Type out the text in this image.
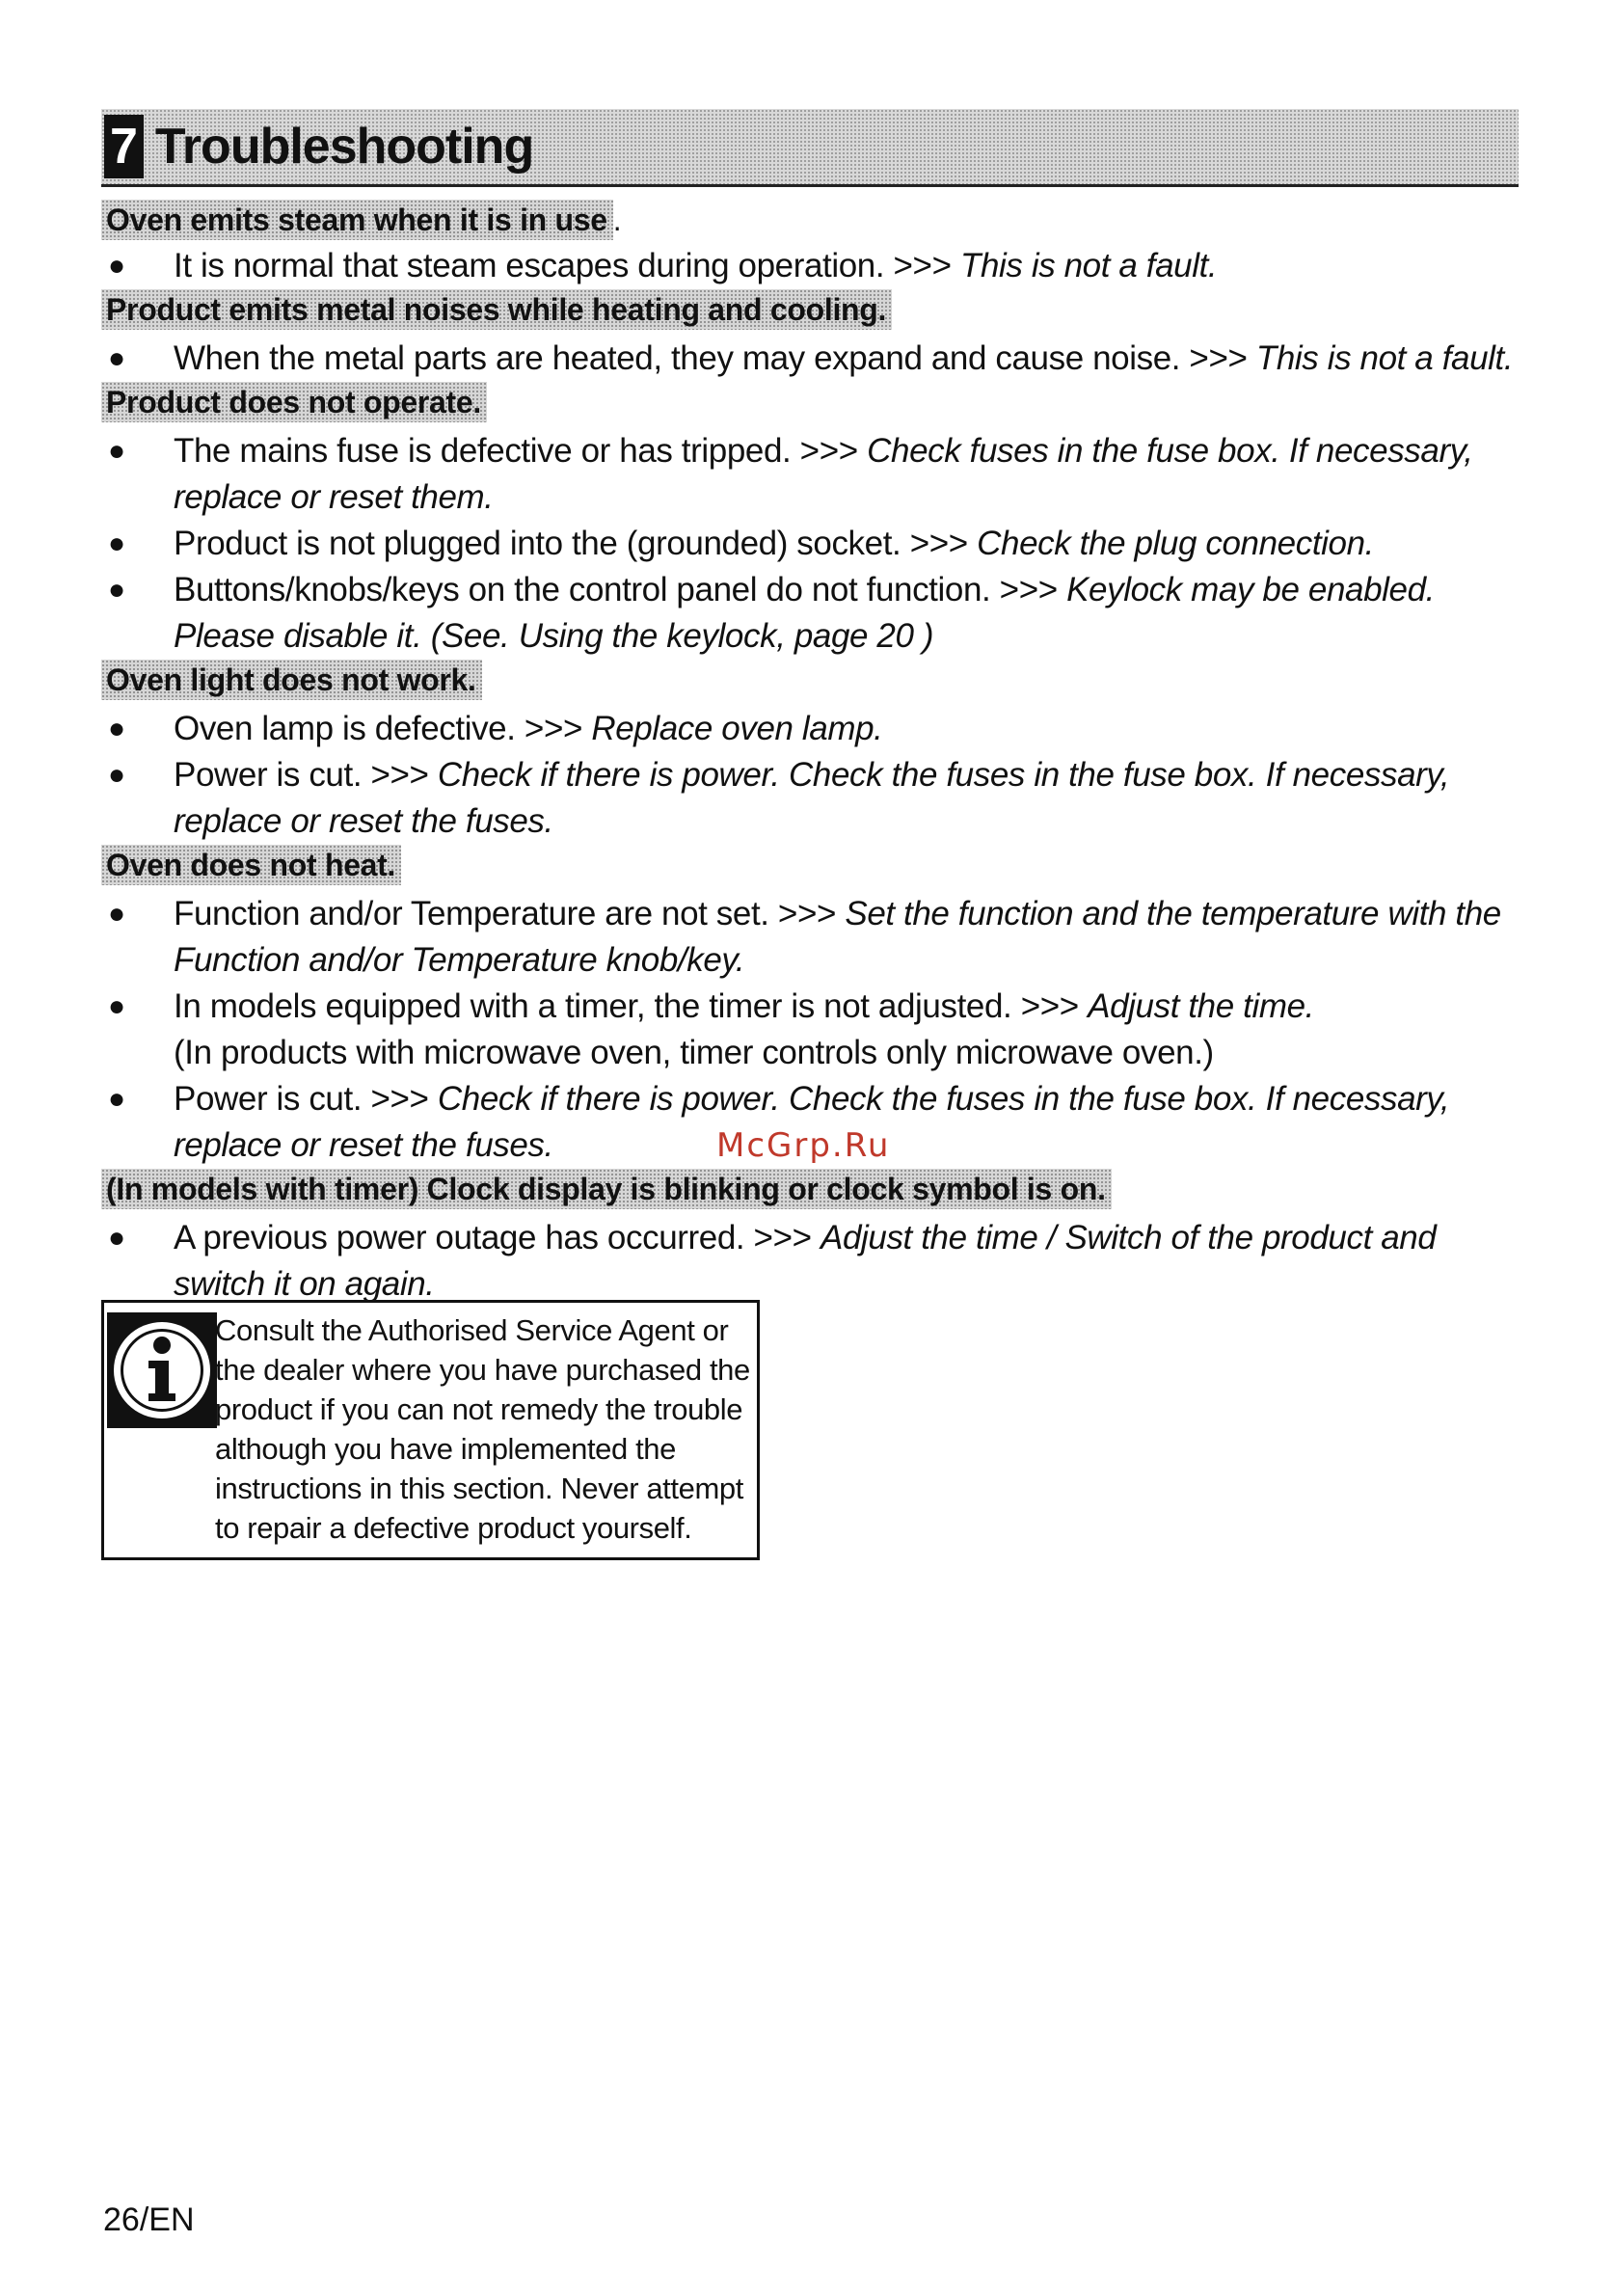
7 Troubleshooting
Oven emits steam when it is in use .
● It is normal that steam escapes during operation. >>> This is not a fault.
Product emits metal noises while heating and cooling.
● When the metal parts are heated, they may expand and cause noise. >>> This is not a fault.
Product does not operate.
● The mains fuse is defective or has tripped. >>> Check fuses in the fuse box. If necessary, replace or reset them.
● Product is not plugged into the (grounded) socket. >>> Check the plug connection.
● Buttons/knobs/keys on the control panel do not function. >>> Keylock may be enabled. Please disable it. (See. Using the keylock, page 20 )
Oven light does not work.
● Oven lamp is defective. >>> Replace oven lamp.
● Power is cut. >>> Check if there is power. Check the fuses in the fuse box. If necessary, replace or reset the fuses.
Oven does not heat.
● Function and/or Temperature are not set. >>> Set the function and the temperature with the Function and/or Temperature knob/key.
● In models equipped with a timer, the timer is not adjusted. >>> Adjust the time.
(In products with microwave oven, timer controls only microwave oven.)
● Power is cut. >>> Check if there is power. Check the fuses in the fuse box. If necessary, replace or reset the fuses.
(In models with timer) Clock display is blinking or clock symbol is on.
● A previous power outage has occurred. >>> Adjust the time / Switch of the product and switch it on again.
McGrp.Ru
Consult the Authorised Service Agent or the dealer where you have purchased the product if you can not remedy the trouble although you have implemented the instructions in this section. Never attempt to repair a defective product yourself.
26/EN
